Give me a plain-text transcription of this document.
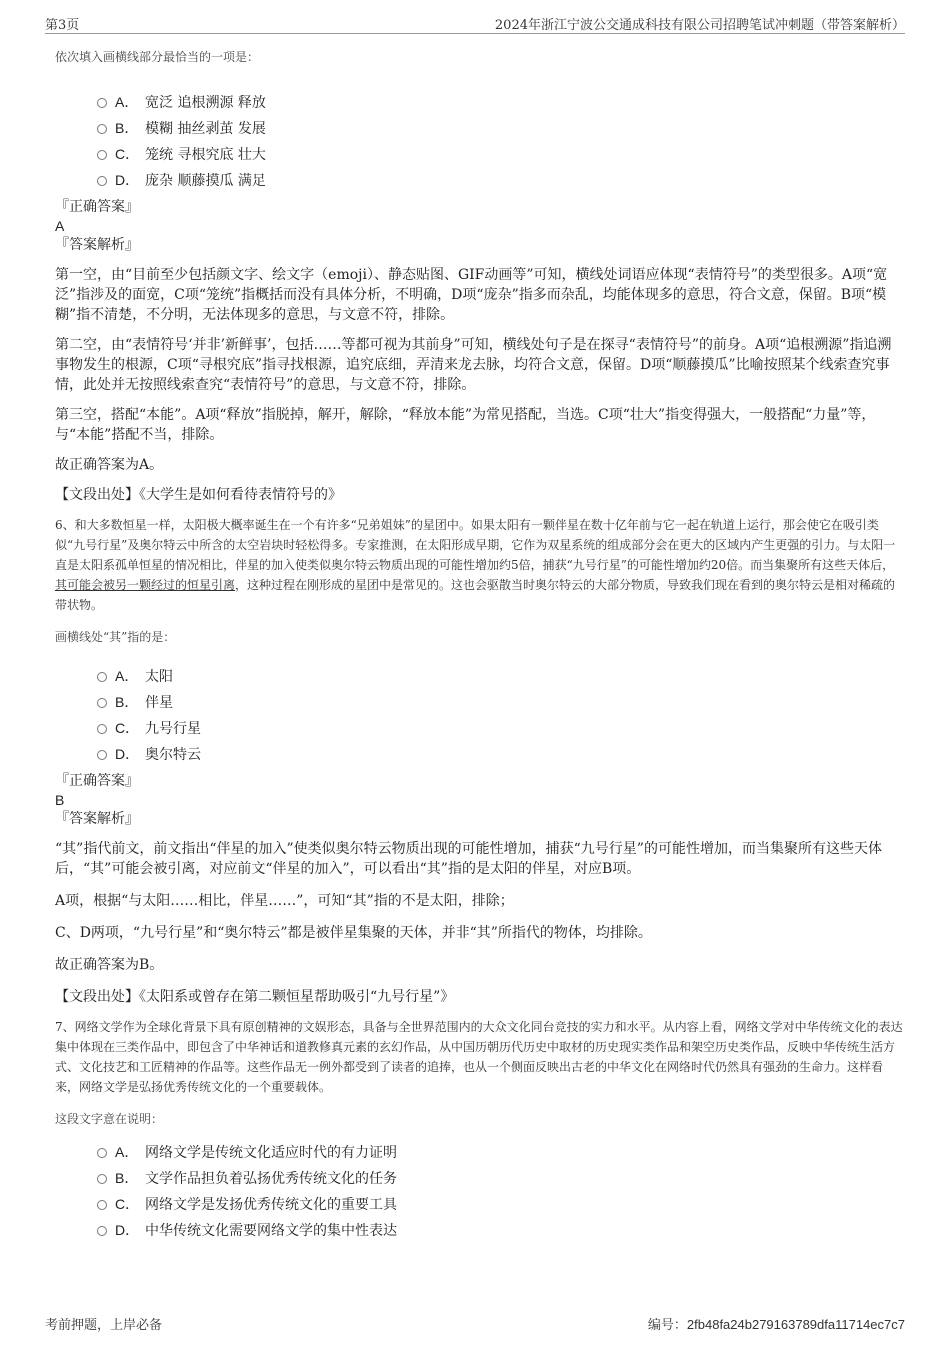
第3页	2024年浙江宁波公交通成科技有限公司招聘笔试冲刺题（带答案解析）

依次填入画横线部分最恰当的一项是：

A． 宽泛 追根溯源 释放
B． 模糊 抽丝剥茧 发展
C． 笼统 寻根究底 壮大
D． 庞杂 顺藤摸瓜 满足

『正确答案』

A

『答案解析』

第一空，由“目前至少包括颜文字、绘文字（emoji）、静态贴图、GIF动画等”可知，横线处词语应体现“表情符号”的类型很多。A项“宽泛”指涉及的面宽，C项“笼统”指概括而没有具体分析，不明确，D项“庞杂”指多而杂乱，均能体现多的意思，符合文意，保留。B项“模糊”指不清楚，不分明，无法体现多的意思，与文意不符，排除。

第二空，由“表情符号‘并非’新鲜事’，包括……等都可视为其前身”可知，横线处句子是在探寻“表情符号”的前身。A项“追根溯源”指追溯事物发生的根源，C项“寻根究底”指寻找根源，追究底细，弄清来龙去脉，均符合文意，保留。D项“顺藤摸瓜”比喻按照某个线索查究事情，此处并无按照线索查究“表情符号”的意思，与文意不符，排除。

第三空，搭配“本能”。A项“释放”指脱掉，解开，解除，“释放本能”为常见搭配，当选。C项“壮大”指变得强大，一般搭配“力量”等，与“本能”搭配不当，排除。

故正确答案为A。

【文段出处】《大学生是如何看待表情符号的》

6、和大多数恒星一样，太阳极大概率诞生在一个有许多“兄弟姐妹”的星团中。如果太阳有一颗伴星在数十亿年前与它一起在轨道上运行，那会使它在吸引类似“九号行星”及奥尔特云中所含的太空岩块时轻松得多。专家推测，在太阳形成早期，它作为双星系统的组成部分会在更大的区域内产生更强的引力。与太阳一直是太阳系孤单恒星的情况相比，伴星的加入使类似奥尔特云物质出现的可能性增加约5倍，捕获“九号行星”的可能性增加约20倍。而当集聚所有这些天体后，其可能会被另一颗经过的恒星引离，这种过程在刚形成的星团中是常见的。这也会驱散当时奥尔特云的大部分物质，导致我们现在看到的奥尔特云是相对稀疏的带状物。

画横线处“其”指的是：

A． 太阳
B． 伴星
C． 九号行星
D． 奥尔特云

『正确答案』

B

『答案解析』

“其”指代前文，前文指出“伴星的加入”使类似奥尔特云物质出现的可能性增加，捕获“九号行星”的可能性增加，而当集聚所有这些天体后，“其”可能会被引离，对应前文“伴星的加入”，可以看出“其”指的是太阳的伴星，对应B项。

A项，根据“与太阳……相比，伴星……”，可知“其”指的不是太阳，排除；

C、D两项，“九号行星”和“奥尔特云”都是被伴星集聚的天体，并非“其”所指代的物体，均排除。

故正确答案为B。

【文段出处】《太阳系或曾存在第二颗恒星帮助吸引“九号行星”》

7、网络文学作为全球化背景下具有原创精神的文娱形态，具备与全世界范围内的大众文化同台竞技的实力和水平。从内容上看，网络文学对中华传统文化的表达集中体现在三类作品中，即包含了中华神话和道教修真元素的玄幻作品，从中国历朝历代历史中取材的历史现实类作品和架空历史类作品，反映中华传统生活方式、文化技艺和工匠精神的作品等。这些作品无一例外都受到了读者的追捧，也从一个侧面反映出古老的中华文化在网络时代仍然具有强劲的生命力。这样看来，网络文学是弘扬优秀传统文化的一个重要载体。

这段文字意在说明：

A． 网络文学是传统文化适应时代的有力证明
B． 文学作品担负着弘扬优秀传统文化的任务
C． 网络文学是发扬优秀传统文化的重要工具
D． 中华传统文化需要网络文学的集中性表达
考前押题，上岸必备	编号：2fb48fa24b279163789dfa11714ec7c7
